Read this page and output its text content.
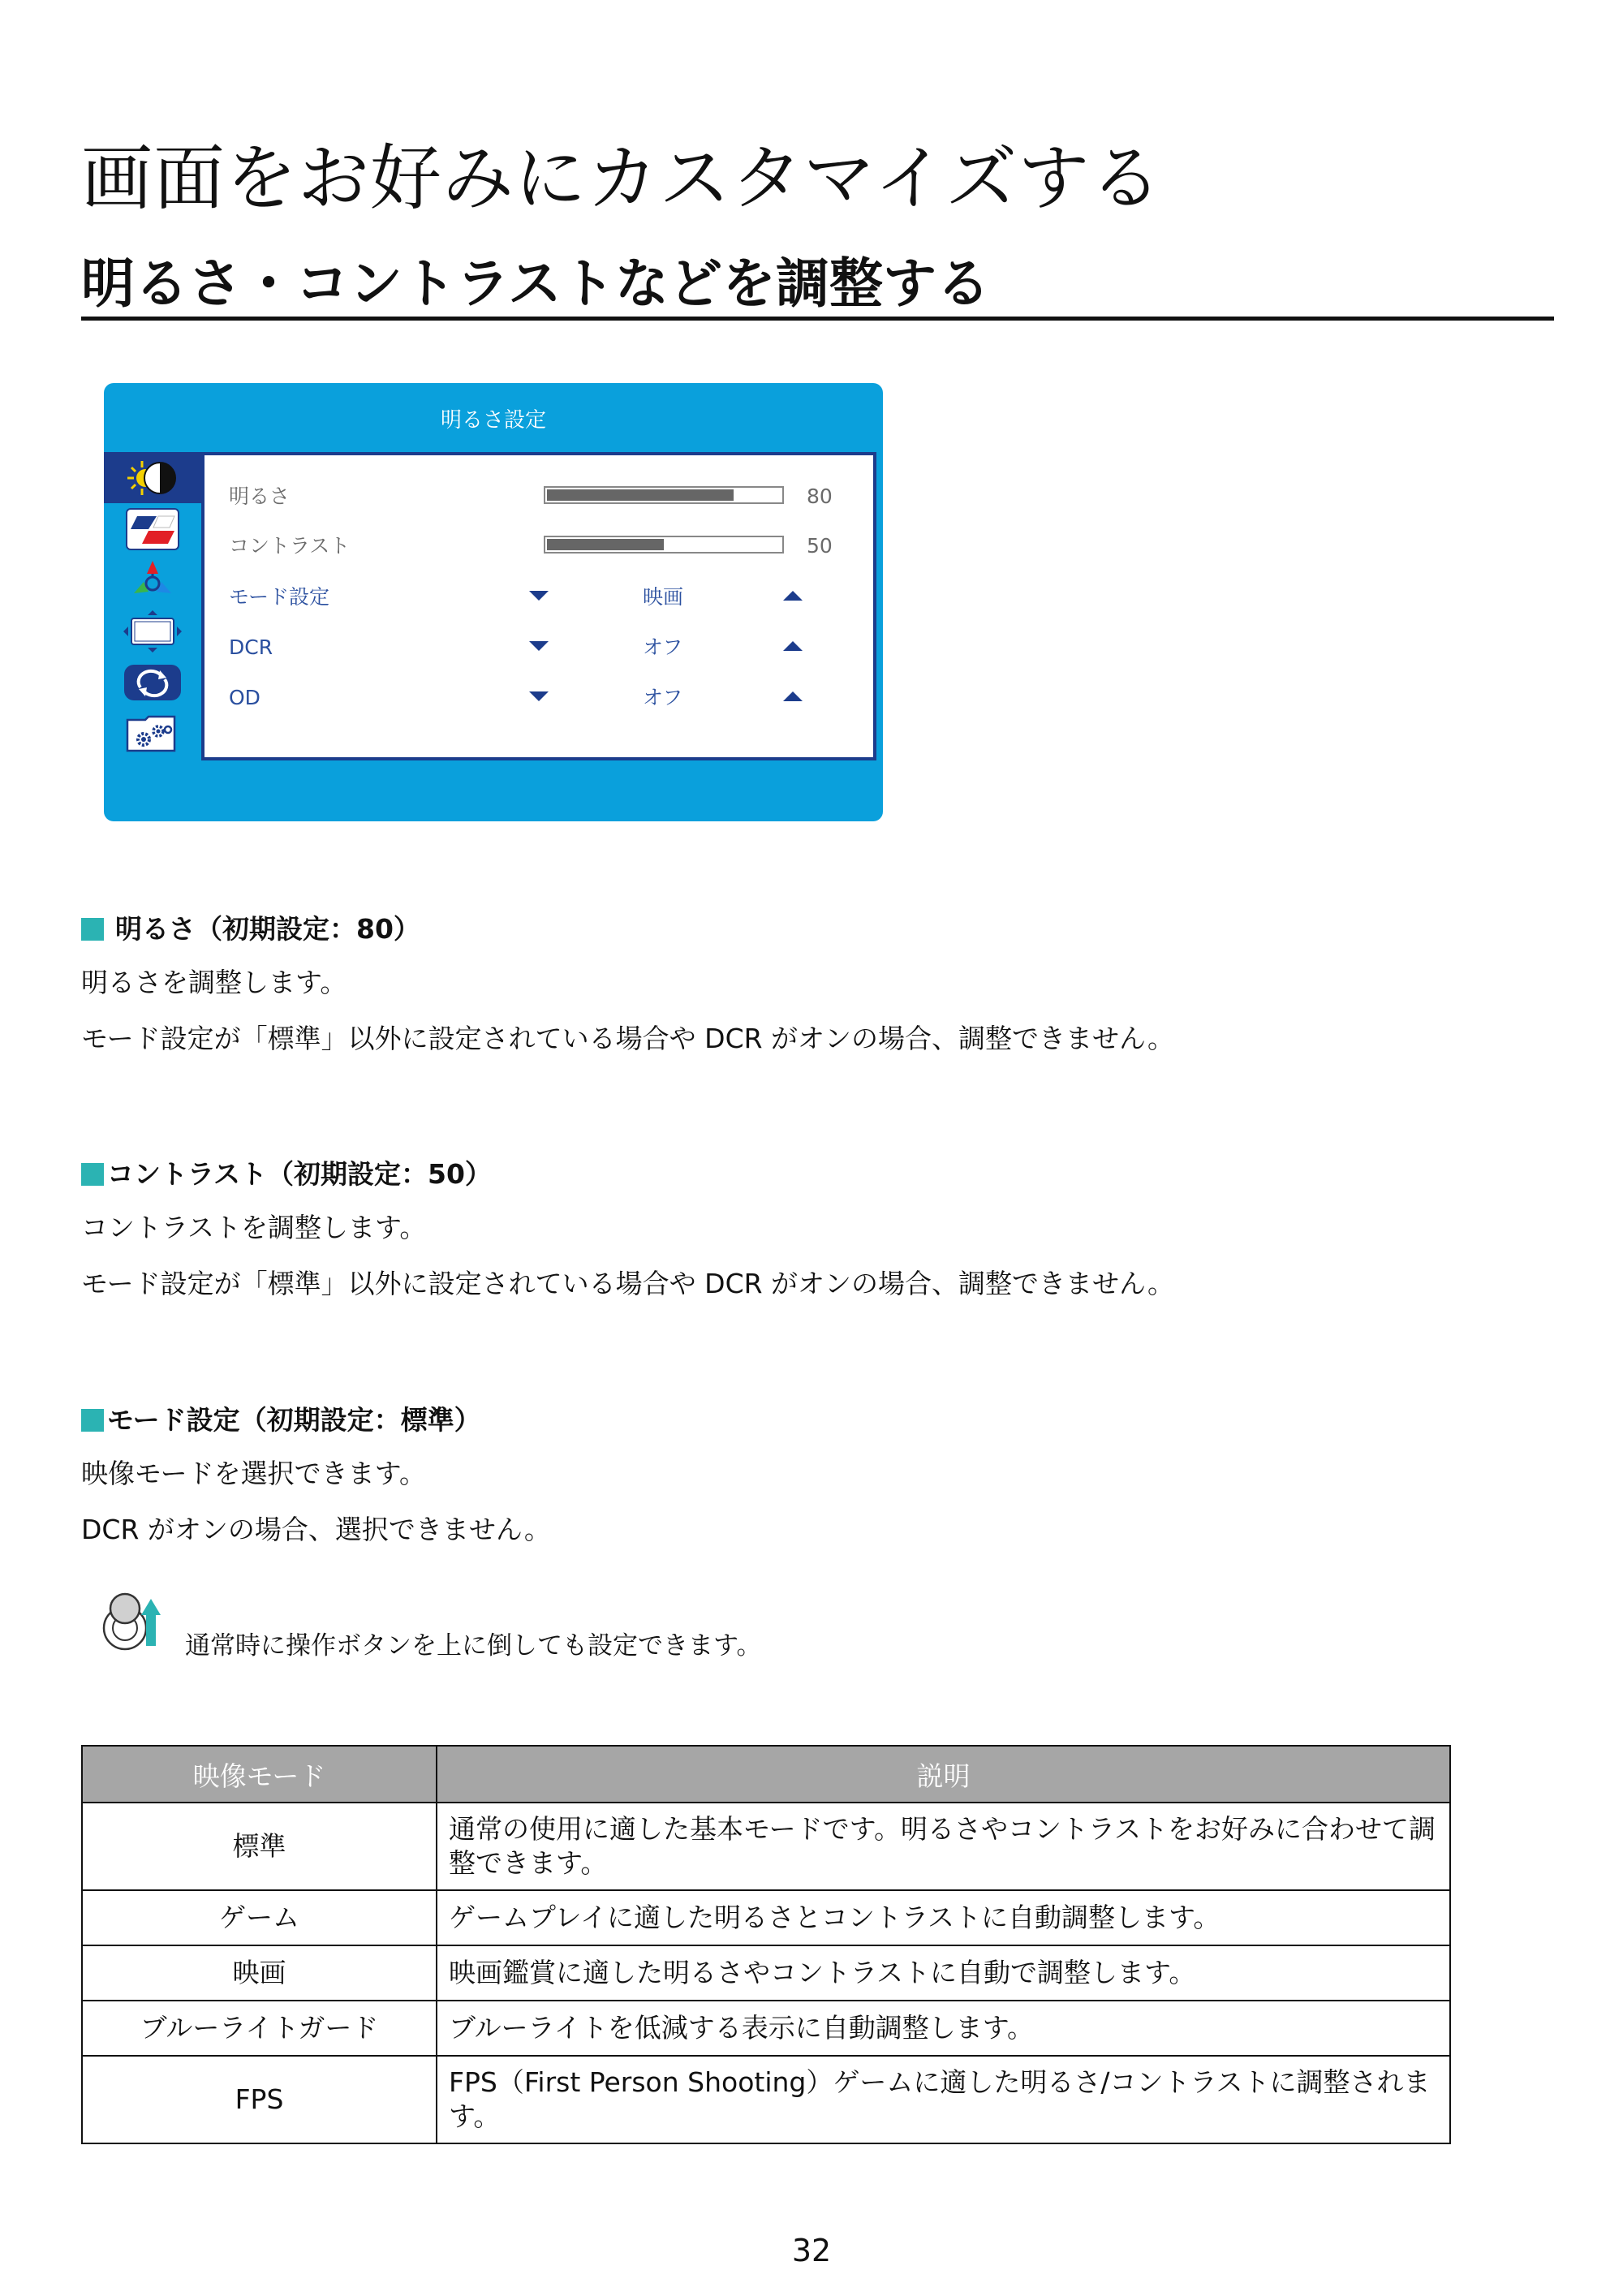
画面をお好みにカスタマイズする
明るさ・コントラストなどを調整する
明るさ設定
明るさ	80
コントラスト	50
モード設定	映画
DCR	オフ
OD	オフ
明るさ（初期設定：80）

明るさを調整します。

モード設定が「標準」以外に設定されている場合や DCR がオンの場合、調整できません。

コントラスト（初期設定：50）

コントラストを調整します。

モード設定が「標準」以外に設定されている場合や DCR がオンの場合、調整できません。

モード設定（初期設定：標準）

映像モードを選択できます。

DCR がオンの場合、選択できません。

通常時に操作ボタンを上に倒しても設定できます。

映像モード	説明
標準	通常の使用に適した基本モードです。明るさやコントラストをお好みに合わせて調整できます。
ゲーム	ゲームプレイに適した明るさとコントラストに自動調整します。
映画	映画鑑賞に適した明るさやコントラストに自動で調整します。
ブルーライトガード	ブルーライトを低減する表示に自動調整します。
FPS	FPS（First Person Shooting）ゲームに適した明るさ/コントラストに調整されます。
32
